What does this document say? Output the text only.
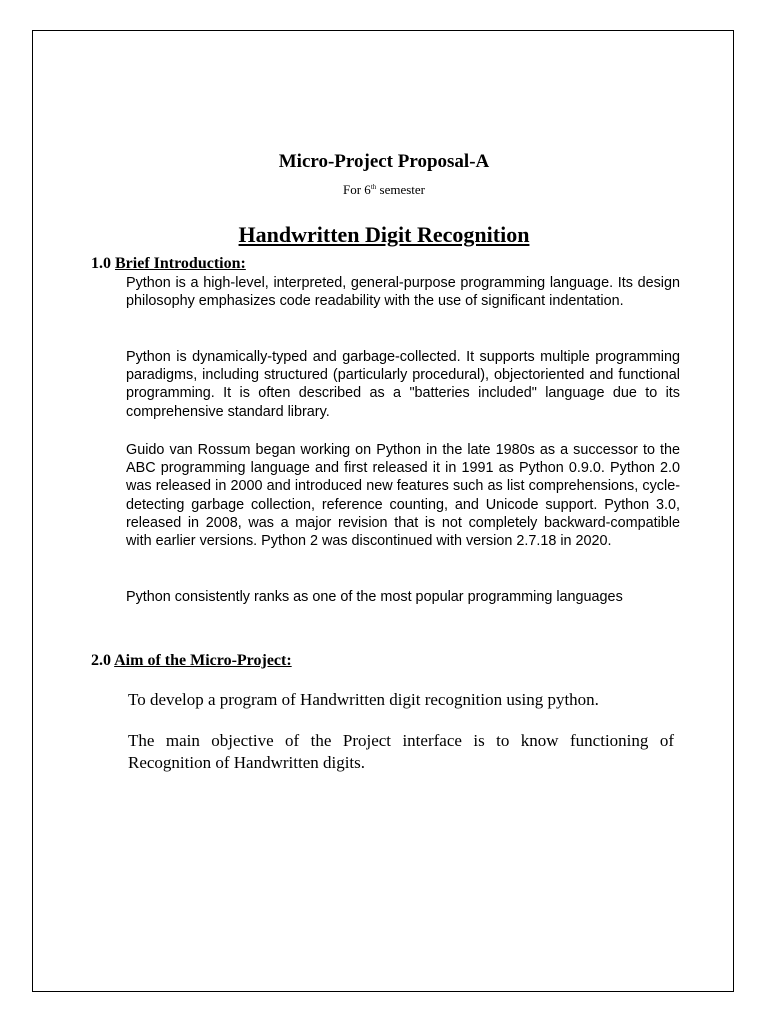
Micro-Project Proposal-A
For 6th semester
Handwritten Digit Recognition
1.0 Brief Introduction:

Python is a high-level, interpreted, general-purpose programming language. Its design philosophy emphasizes code readability with the use of significant indentation.

Python is dynamically-typed and garbage-collected. It supports multiple programming paradigms, including structured (particularly procedural), objectoriented and functional programming. It is often described as a "batteries included" language due to its comprehensive standard library.

Guido van Rossum began working on Python in the late 1980s as a successor to the ABC programming language and first released it in 1991 as Python 0.9.0. Python 2.0 was released in 2000 and introduced new features such as list comprehensions, cycle-detecting garbage collection, reference counting, and Unicode support. Python 3.0, released in 2008, was a major revision that is not completely backward-compatible with earlier versions. Python 2 was discontinued with version 2.7.18 in 2020.

Python consistently ranks as one of the most popular programming languages

2.0 Aim of the Micro-Project:

To develop a program of Handwritten digit recognition using python.

The main objective of the Project interface is to know functioning of Recognition of Handwritten digits.
